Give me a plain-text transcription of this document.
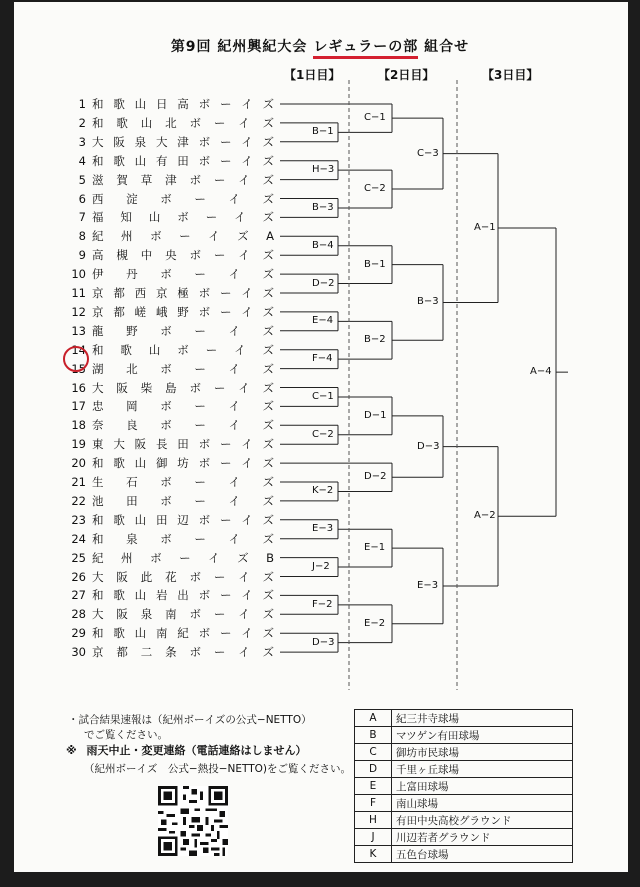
第9回 紀州興紀大会 レギュラーの部 組合せ
【1日目】	【2日目】	【3日目】
1 和歌山日高ボーイズ
2 和歌山北ボーイズ
3 大阪泉大津ボーイズ
4 和歌山有田ボーイズ
5 滋賀草津ボーイズ
6 西淀ボーイズ
7 福知山ボーイズ
8 紀州ボーイズA
9 高槻中央ボーイズ
10 伊丹ボーイズ
11 京都西京極ボーイズ
12 京都嵯峨野ボーイズ
13 龍野ボーイズ
14 和歌山ボーイズ
15 湖北ボーイズ
16 大阪柴島ボーイズ
17 忠岡ボーイズ
18 奈良ボーイズ
19 東大阪長田ボーイズ
20 和歌山御坊ボーイズ
21 生石ボーイズ
22 池田ボーイズ
23 和歌山田辺ボーイズ
24 和泉ボーイズ
25 紀州ボーイズB
26 大阪此花ボーイズ
27 和歌山岩出ボーイズ
28 大阪泉南ボーイズ
29 和歌山南紀ボーイズ
30 京都二条ボーイズ
B−1
H−3
B−3
B−4
D−2
E−4
F−4
C−1
C−2
K−2
E−3
J−2
F−2
D−3
C−1
C−2
B−1
B−2
D−1
D−2
E−1
E−2
C−3
B−3
D−3
E−3
A−1
A−2
A−4
・試合結果速報は（紀州ボーイズの公式−NETTO）
でご覧ください。
※ 雨天中止・変更連絡（電話連絡はしません）
（紀州ボーイズ　公式−熱投−NETTO)をご覧ください。
A	紀三井寺球場
B	マツゲン有田球場
C	御坊市民球場
D	千里ヶ丘球場
E	上富田球場
F	南山球場
H	有田中央高校グラウンド
J	川辺若者グラウンド
K	五色台球場
